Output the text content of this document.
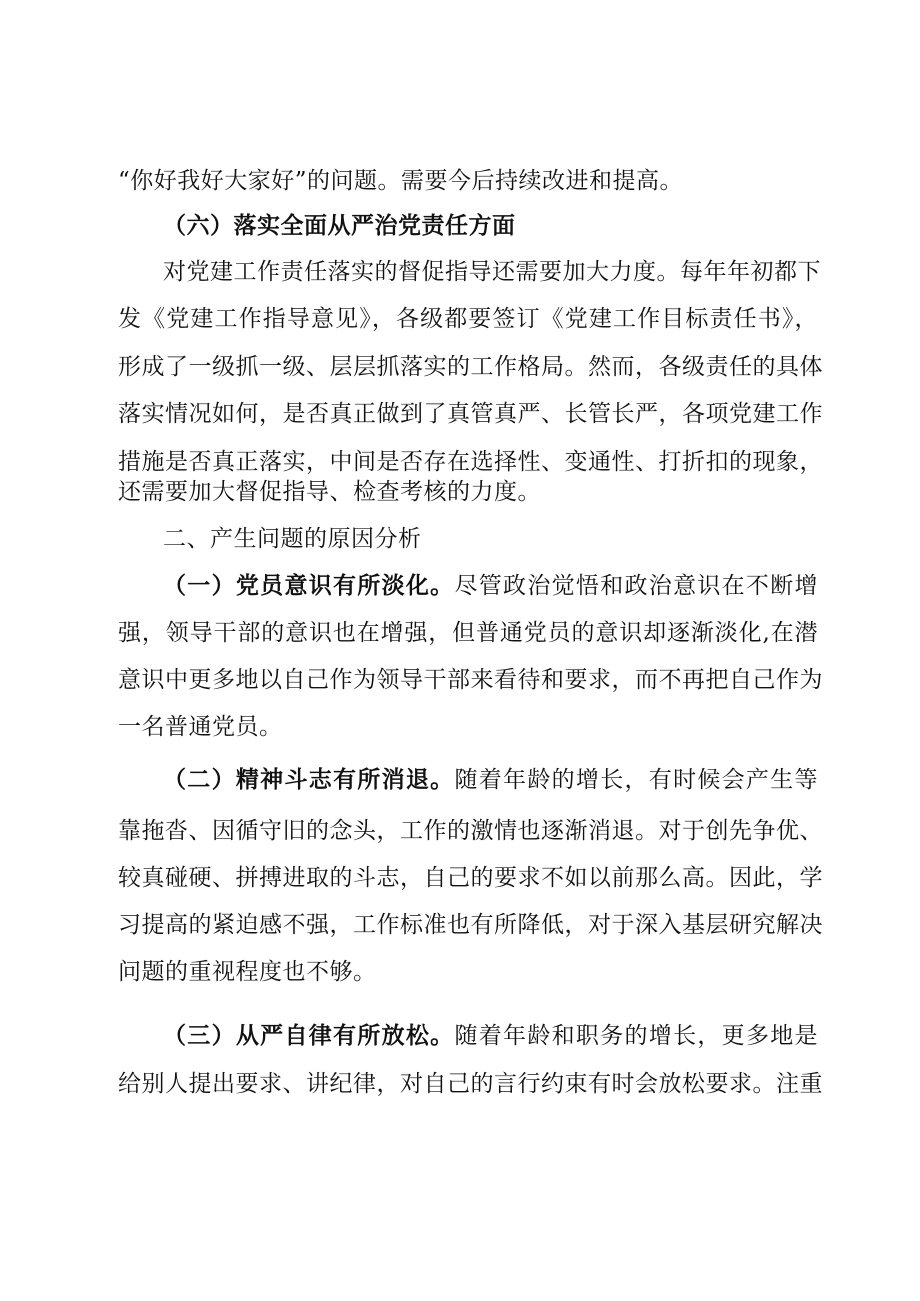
“你好我好大家好”的问题。需要今后持续改进和提高。
（六）落实全面从严治党责任方面
对党建工作责任落实的督促指导还需要加大力度。每年年初都下
发《党建工作指导意见》，各级都要签订《党建工作目标责任书》，
形成了一级抓一级、层层抓落实的工作格局。然而，各级责任的具体
落实情况如何，是否真正做到了真管真严、长管长严，各项党建工作
措施是否真正落实，中间是否存在选择性、变通性、打折扣的现象，
还需要加大督促指导、检查考核的力度。
二、产生问题的原因分析
（一）党员意识有所淡化。尽管政治觉悟和政治意识在不断增
强，领导干部的意识也在增强，但普通党员的意识却逐渐淡化,在潜
意识中更多地以自己作为领导干部来看待和要求，而不再把自己作为
一名普通党员。
（二）精神斗志有所消退。随着年龄的增长，有时候会产生等
靠拖沓、因循守旧的念头，工作的激情也逐渐消退。对于创先争优、
较真碰硬、拼搏进取的斗志，自己的要求不如以前那么高。因此，学
习提高的紧迫感不强，工作标准也有所降低，对于深入基层研究解决
问题的重视程度也不够。
（三）从严自律有所放松。随着年龄和职务的增长，更多地是
给别人提出要求、讲纪律，对自己的言行约束有时会放松要求。注重
